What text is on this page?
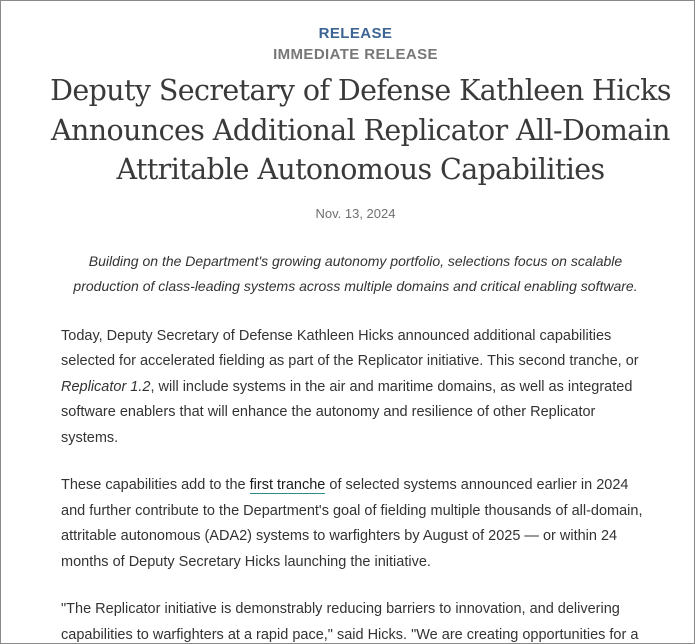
RELEASE
IMMEDIATE RELEASE
Deputy Secretary of Defense Kathleen Hicks Announces Additional Replicator All-Domain Attritable Autonomous Capabilities
Nov. 13, 2024

Building on the Department's growing autonomy portfolio, selections focus on scalable production of class-leading systems across multiple domains and critical enabling software.

Today, Deputy Secretary of Defense Kathleen Hicks announced additional capabilities selected for accelerated fielding as part of the Replicator initiative. This second tranche, or Replicator 1.2, will include systems in the air and maritime domains, as well as integrated software enablers that will enhance the autonomy and resilience of other Replicator systems.

These capabilities add to the first tranche of selected systems announced earlier in 2024 and further contribute to the Department's goal of fielding multiple thousands of all-domain, attritable autonomous (ADA2) systems to warfighters by August of 2025 — or within 24 months of Deputy Secretary Hicks launching the initiative.

"The Replicator initiative is demonstrably reducing barriers to innovation, and delivering capabilities to warfighters at a rapid pace," said Hicks. "We are creating opportunities for a
